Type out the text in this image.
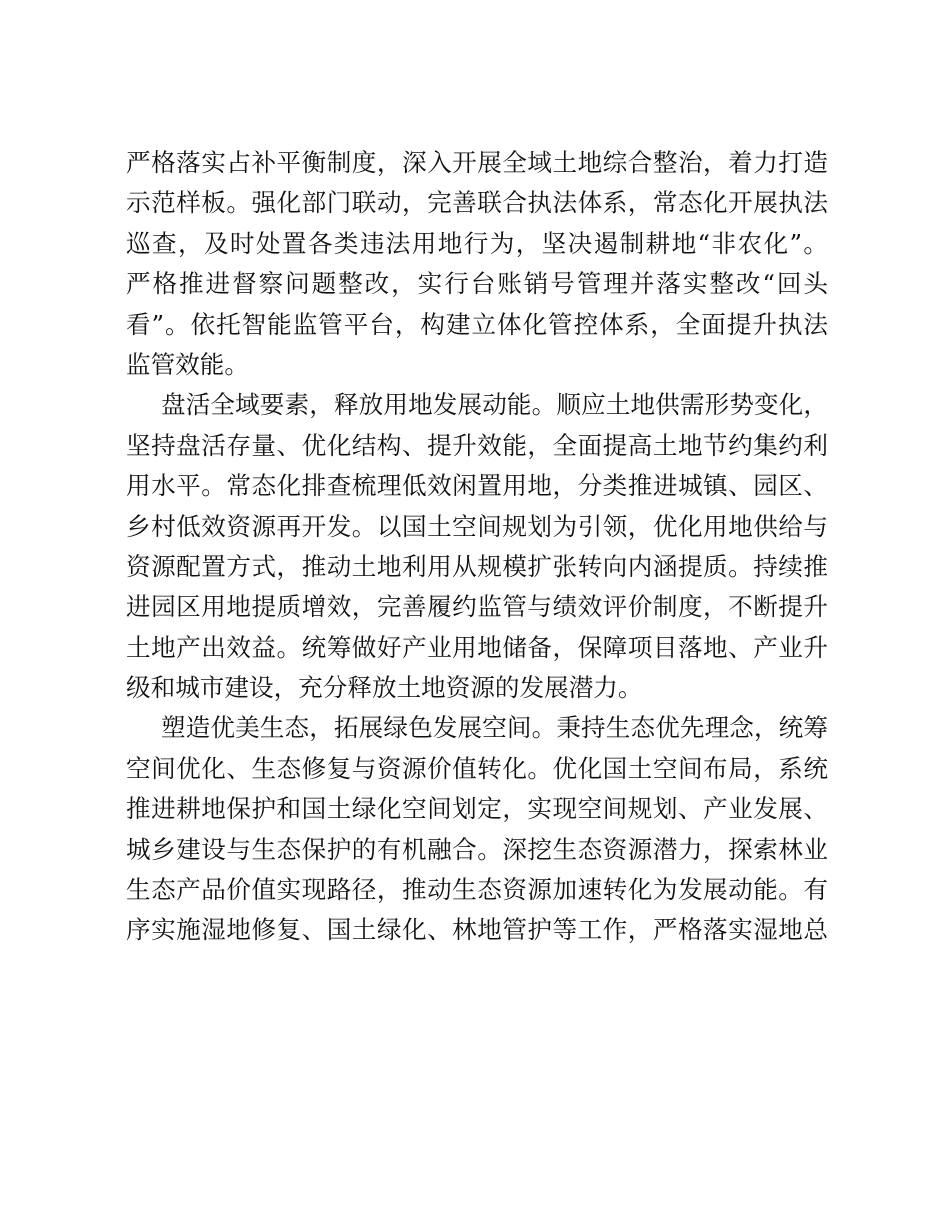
严格落实占补平衡制度，深入开展全域土地综合整治，着力打造
示范样板。强化部门联动，完善联合执法体系，常态化开展执法
巡查，及时处置各类违法用地行为，坚决遏制耕地“非农化”。
严格推进督察问题整改，实行台账销号管理并落实整改“回头
看”。依托智能监管平台，构建立体化管控体系，全面提升执法
监管效能。
盘活全域要素，释放用地发展动能。顺应土地供需形势变化，
坚持盘活存量、优化结构、提升效能，全面提高土地节约集约利
用水平。常态化排查梳理低效闲置用地，分类推进城镇、园区、
乡村低效资源再开发。以国土空间规划为引领，优化用地供给与
资源配置方式，推动土地利用从规模扩张转向内涵提质。持续推
进园区用地提质增效，完善履约监管与绩效评价制度，不断提升
土地产出效益。统筹做好产业用地储备，保障项目落地、产业升
级和城市建设，充分释放土地资源的发展潜力。
塑造优美生态，拓展绿色发展空间。秉持生态优先理念，统筹
空间优化、生态修复与资源价值转化。优化国土空间布局，系统
推进耕地保护和国土绿化空间划定，实现空间规划、产业发展、
城乡建设与生态保护的有机融合。深挖生态资源潜力，探索林业
生态产品价值实现路径，推动生态资源加速转化为发展动能。有
序实施湿地修复、国土绿化、林地管护等工作，严格落实湿地总
